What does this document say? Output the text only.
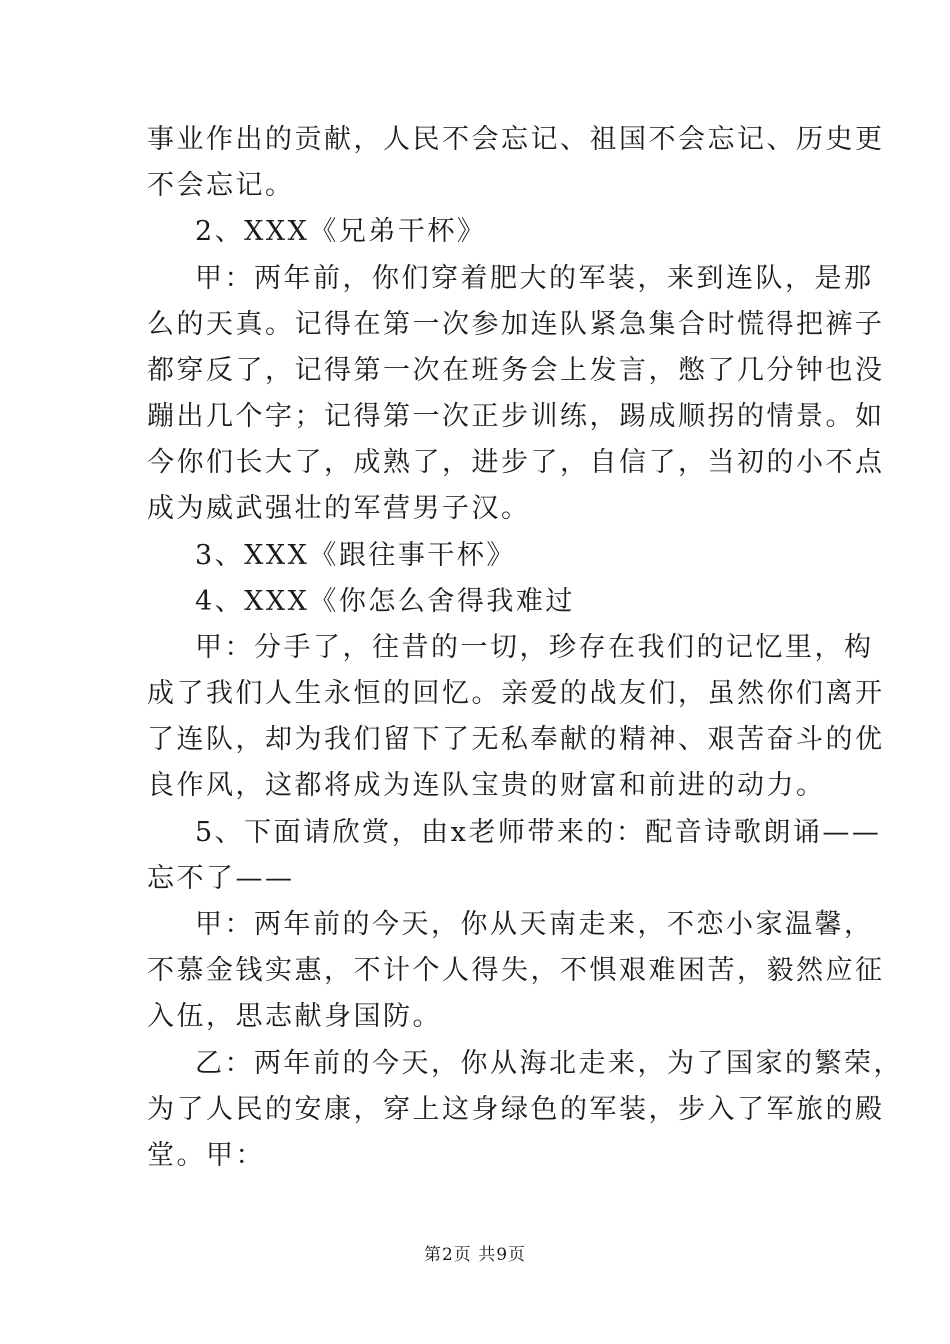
事业作出的贡献，人民不会忘记、祖国不会忘记、历史更
不会忘记。
2、XXX《兄弟干杯》
甲：两年前，你们穿着肥大的军装，来到连队，是那
么的天真。记得在第一次参加连队紧急集合时慌得把裤子
都穿反了，记得第一次在班务会上发言，憋了几分钟也没
蹦出几个字；记得第一次正步训练，踢成顺拐的情景。如
今你们长大了，成熟了，进步了，自信了，当初的小不点
成为威武强壮的军营男子汉。
3、XXX《跟往事干杯》
4、XXX《你怎么舍得我难过
甲：分手了，往昔的一切，珍存在我们的记忆里，构
成了我们人生永恒的回忆。亲爱的战友们，虽然你们离开
了连队，却为我们留下了无私奉献的精神、艰苦奋斗的优
良作风，这都将成为连队宝贵的财富和前进的动力。
5、下面请欣赏，由x老师带来的：配音诗歌朗诵——
忘不了——
甲：两年前的今天，你从天南走来，不恋小家温馨，
不慕金钱实惠，不计个人得失，不惧艰难困苦，毅然应征
入伍，思志献身国防。
乙：两年前的今天，你从海北走来，为了国家的繁荣，
为了人民的安康，穿上这身绿色的军装，步入了军旅的殿
堂。甲：
第2页 共9页
